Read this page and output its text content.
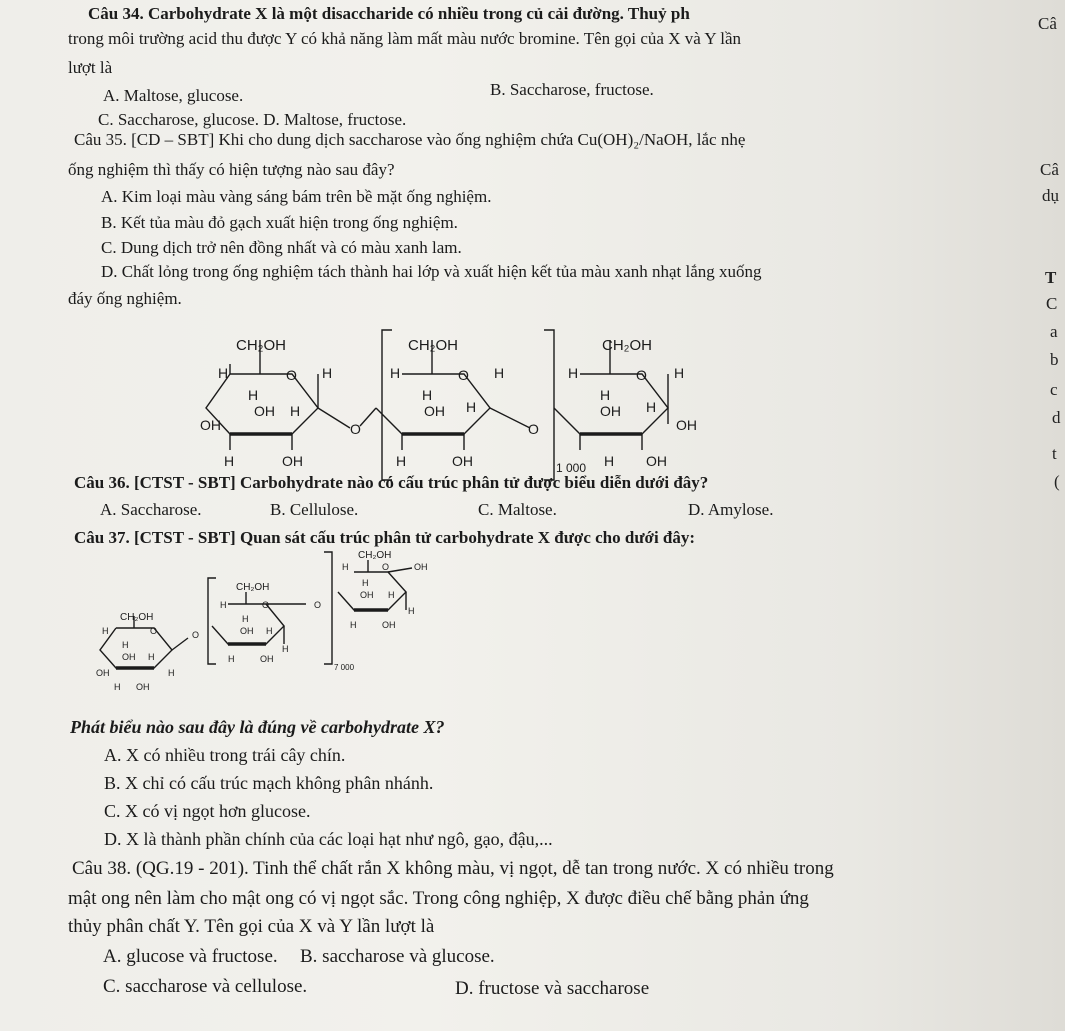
Câu 34. Carbohydrate X là một disaccharide có nhiều trong củ cải đường. Thuỷ ph
trong môi trường acid thu được Y có khả năng làm mất màu nước bromine. Tên gọi của X và Y lần
lượt là
A. Maltose, glucose.	B. Saccharose, fructose.
C. Saccharose, glucose. D. Maltose, fructose.
Câu 35. [CD – SBT] Khi cho dung dịch saccharose vào ống nghiệm chứa Cu(OH)₂/NaOH, lắc nhẹ
ống nghiệm thì thấy có hiện tượng nào sau đây?
A. Kim loại màu vàng sáng bám trên bề mặt ống nghiệm.
B. Kết tủa màu đỏ gạch xuất hiện trong ống nghiệm.
C. Dung dịch trở nên đồng nhất và có màu xanh lam.
D. Chất lỏng trong ống nghiệm tách thành hai lớp và xuất hiện kết tủa màu xanh nhạt lắng xuống
đáy ống nghiệm.
CH₂OH
H	O H
H
OH H
OH
H	OH
O
CH₂OH
H	O H
H
OH H
H	OH
O
1 000
CH₂OH
H	O H
H
OH H
OH
H OH
Câu 36. [CTST - SBT] Carbohydrate nào có cấu trúc phân tử được biểu diễn dưới đây?
A. Saccharose.	B. Cellulose.	C. Maltose.	D. Amylose.
Câu 37. [CTST - SBT] Quan sát cấu trúc phân tử carbohydrate X được cho dưới đây:
CH₂OH
H	O
H
OH H
OH	H
H OH
O
CH₂OH
H	O
H
OH H
H
H	OH
O
7 000
CH₂OH
H	O	OH
H
OH H
H
H	OH
Phát biểu nào sau đây là đúng về carbohydrate X?
A. X có nhiều trong trái cây chín.
B. X chỉ có cấu trúc mạch không phân nhánh.
C. X có vị ngọt hơn glucose.
D. X là thành phần chính của các loại hạt như ngô, gạo, đậu,...
Câu 38. (QG.19 - 201). Tinh thể chất rắn X không màu, vị ngọt, dễ tan trong nước. X có nhiều trong
mật ong nên làm cho mật ong có vị ngọt sắc. Trong công nghiệp, X được điều chế bằng phản ứng
thủy phân chất Y. Tên gọi của X và Y lần lượt là
A. glucose và fructose. B. saccharose và glucose.
C. saccharose và cellulose.	D. fructose và saccharose
Câ
Câ
dụ
T
C
a
b
c
d
t
(
